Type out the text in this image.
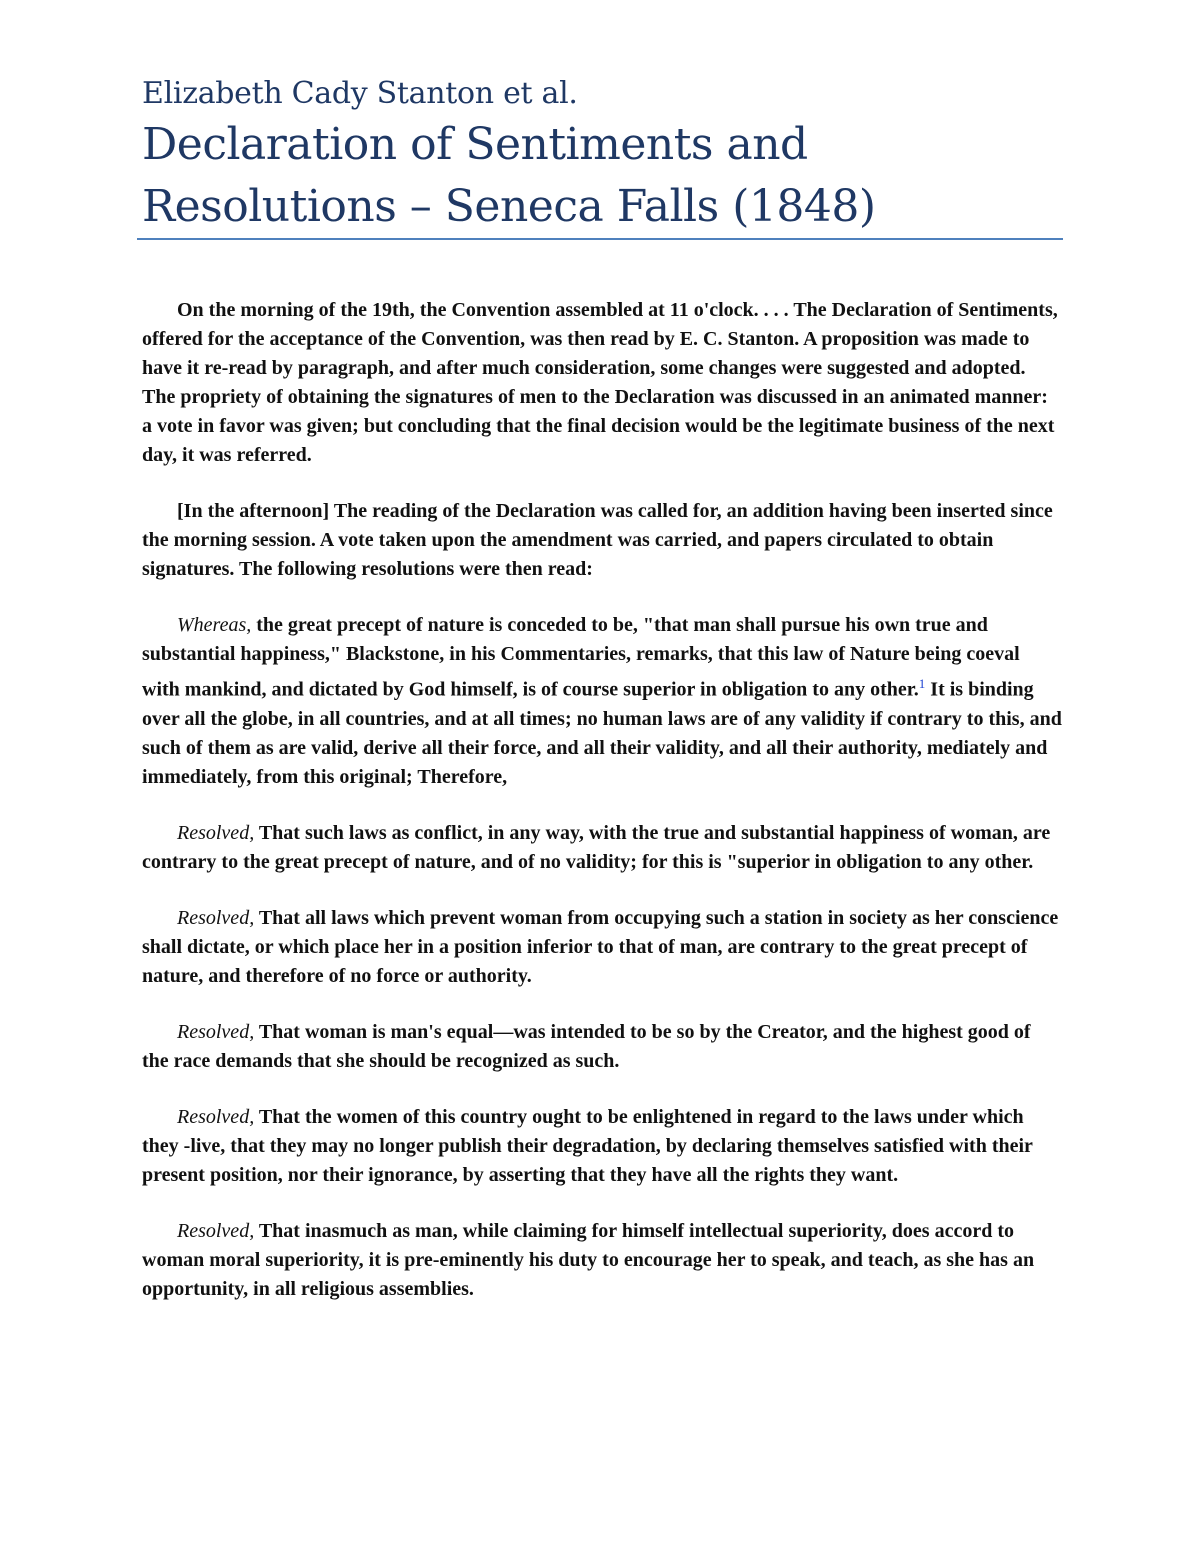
Elizabeth Cady Stanton et al.

Declaration of Sentiments and

Resolutions – Seneca Falls (1848)

On the morning of the 19th, the Convention assembled at 11 o'clock. . . . The Declaration of Sentiments, offered for the acceptance of the Convention, was then read by E. C. Stanton. A proposition was made to have it re-read by paragraph, and after much consideration, some changes were suggested and adopted. The propriety of obtaining the signatures of men to the Declaration was discussed in an animated manner: a vote in favor was given; but concluding that the final decision would be the legitimate business of the next day, it was referred.

[In the afternoon] The reading of the Declaration was called for, an addition having been inserted since the morning session. A vote taken upon the amendment was carried, and papers circulated to obtain signatures. The following resolutions were then read:

Whereas, the great precept of nature is conceded to be, "that man shall pursue his own true and substantial happiness," Blackstone, in his Commentaries, remarks, that this law of Nature being coeval with mankind, and dictated by God himself, is of course superior in obligation to any other.$^1$ It is binding over all the globe, in all countries, and at all times; no human laws are of any validity if contrary to this, and such of them as are valid, derive all their force, and all their validity, and all their authority, mediately and immediately, from this original; Therefore,

Resolved, That such laws as conflict, in any way, with the true and substantial happiness of woman, are contrary to the great precept of nature, and of no validity; for this is "superior in obligation to any other.

Resolved, That all laws which prevent woman from occupying such a station in society as her conscience shall dictate, or which place her in a position inferior to that of man, are contrary to the great precept of nature, and therefore of no force or authority.

Resolved, That woman is man's equal—was intended to be so by the Creator, and the highest good of the race demands that she should be recognized as such.

Resolved, That the women of this country ought to be enlightened in regard to the laws under which they -live, that they may no longer publish their degradation, by declaring themselves satisfied with their present position, nor their ignorance, by asserting that they have all the rights they want.

Resolved, That inasmuch as man, while claiming for himself intellectual superiority, does accord to woman moral superiority, it is pre-eminently his duty to encourage her to speak, and teach, as she has an opportunity, in all religious assemblies.
